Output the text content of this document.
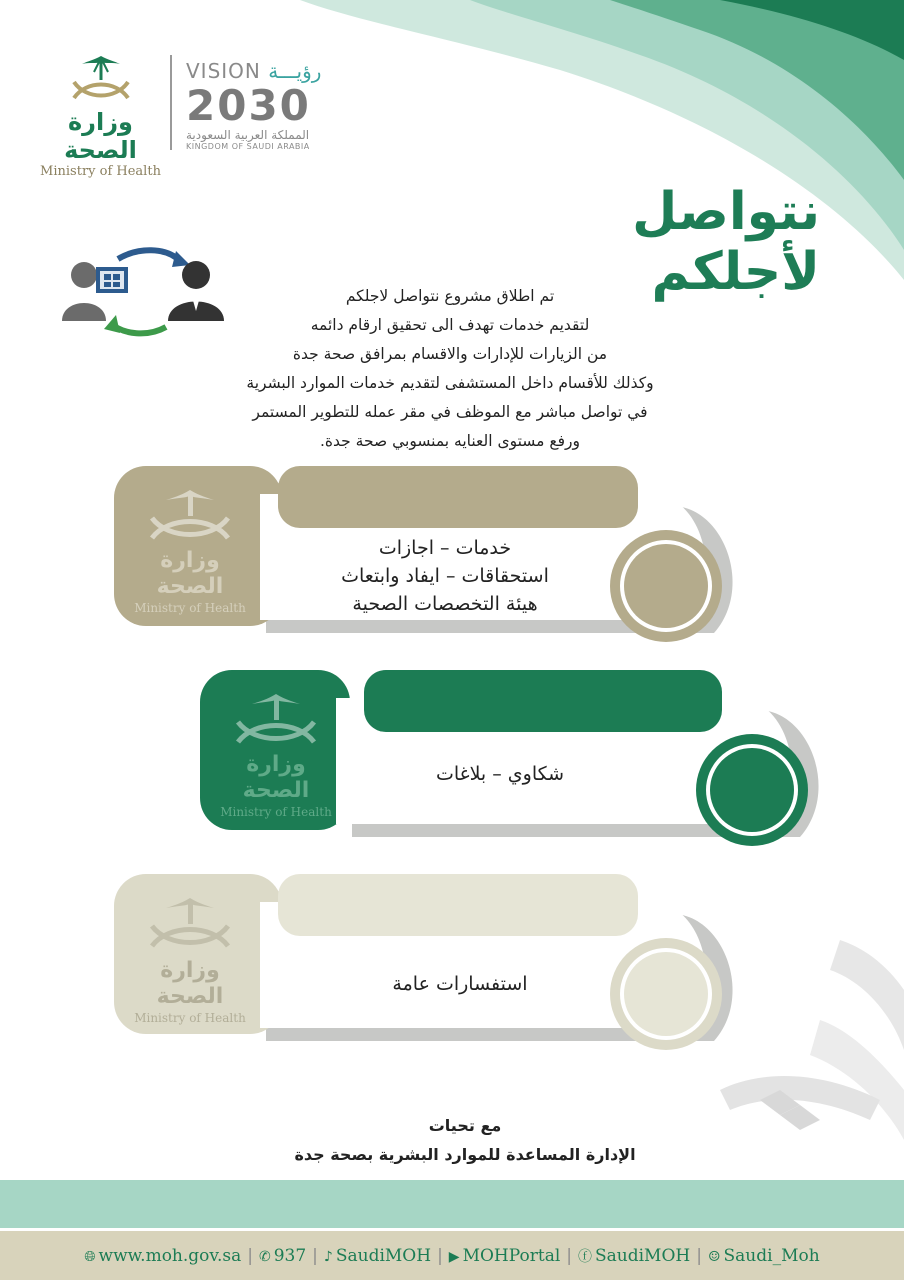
وزارة الصحة
Ministry of Health
VISION رؤيـــة
2030
المملكة العربية السعودية
KINGDOM OF SAUDI ARABIA
نتواصل لأجلكم
تم اطلاق مشروع نتواصل لاجلكم
لتقديم خدمات تهدف الى تحقيق ارقام دائمه
من الزيارات للإدارات والاقسام بمرافق صحة جدة
وكذلك للأقسام داخل المستشفى لتقديم خدمات الموارد البشرية
في تواصل مباشر مع الموظف في مقر عمله للتطوير المستمر
ورفع مستوى العنايه بمنسوبي صحة جدة.
وزارة الصحة
Ministry of Health
خدمات – اجازات
استحقاقات – ايفاد وابتعاث
هيئة التخصصات الصحية
وزارة الصحة
Ministry of Health
شكاوي – بلاغات
وزارة الصحة
Ministry of Health
استفسارات عامة
مع تحيات
الإدارة المساعدة للموارد البشرية بصحة جدة
🌐︎ www.moh.gov.sa | ✆ 937 | ♪ SaudiMOH | ▶ MOHPortal | ⓕ SaudiMOH | ☺ Saudi_Moh
